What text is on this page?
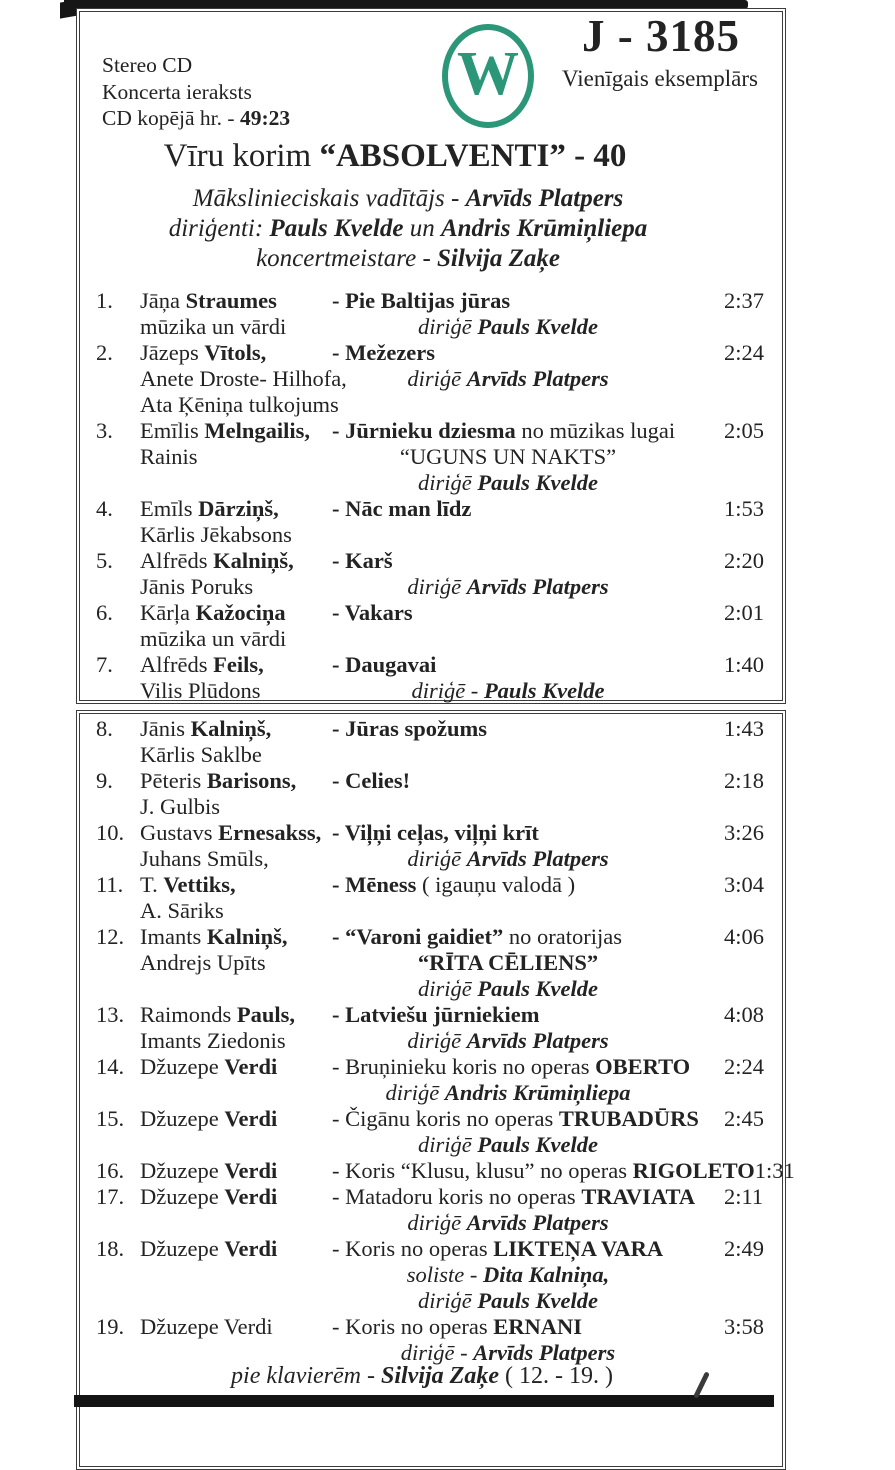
Stereo CD
Koncerta ieraksts
CD kopējā hr. - 49:23
W
J - 3185
Vienīgais eksemplārs
Vīru korim “ABSOLVENTI” - 40
Mākslinieciskais vadītājs - Arvīds Platpers
diriģenti: Pauls Kvelde un Andris Krūmiņliepa
koncertmeistare - Silvija Zaķe
1.	Jāņa Straumes	- Pie Baltijas jūras	2:37
mūzika un vārdi	diriģē Pauls Kvelde
2.	Jāzeps Vītols,	- Mežezers	2:24
Anete Droste- Hilhofa,	diriģē Arvīds Platpers
Ata Ķēniņa tulkojums
3.	Emīlis Melngailis, - Jūrnieku dziesma no mūzikas lugai	2:05
Rainis	“UGUNS UN NAKTS”
diriģē Pauls Kvelde
4.	Emīls Dārziņš,	- Nāc man līdz	1:53
Kārlis Jēkabsons
5.	Alfrēds Kalniņš,	- Karš	2:20
Jānis Poruks	diriģē Arvīds Platpers
6.	Kārļa Kažociņa	- Vakars	2:01
mūzika un vārdi
7.	Alfrēds Feils,	- Daugavai	1:40
Vilis Plūdons	diriģē - Pauls Kvelde
8.	Jānis Kalniņš,	- Jūras spožums	1:43
Kārlis Saklbe
9.	Pēteris Barisons,	- Celies!	2:18
J. Gulbis
10. Gustavs Ernesakss, - Viļņi ceļas, viļņi krīt	3:26
Juhans Smūls,	diriģē Arvīds Platpers
11. T. Vettiks,	- Mēness ( igauņu valodā )	3:04
A. Sāriks
12. Imants Kalniņš,	- “Varoni gaidiet” no oratorijas	4:06
Andrejs Upīts	“RĪTA CĒLIENS”
diriģē Pauls Kvelde
13. Raimonds Pauls,	- Latviešu jūrniekiem	4:08
Imants Ziedonis	diriģē Arvīds Platpers
14. Džuzepe Verdi	- Bruņinieku koris no operas OBERTO	2:24
diriģē Andris Krūmiņliepa
15. Džuzepe Verdi	- Čigānu koris no operas TRUBADŪRS	2:45
diriģē Pauls Kvelde
16. Džuzepe Verdi	- Koris “Klusu, klusu” no operas RIGOLETO 1:31
17. Džuzepe Verdi	- Matadoru koris no operas TRAVIATA	2:11
diriģē Arvīds Platpers
18. Džuzepe Verdi	- Koris no operas LIKTEŅA VARA	2:49
soliste - Dita Kalniņa,
diriģē Pauls Kvelde
19. Džuzepe Verdi	- Koris no operas ERNANI	3:58
diriģē - Arvīds Platpers
pie klavierēm - Silvija Zaķe ( 12. - 19. )
